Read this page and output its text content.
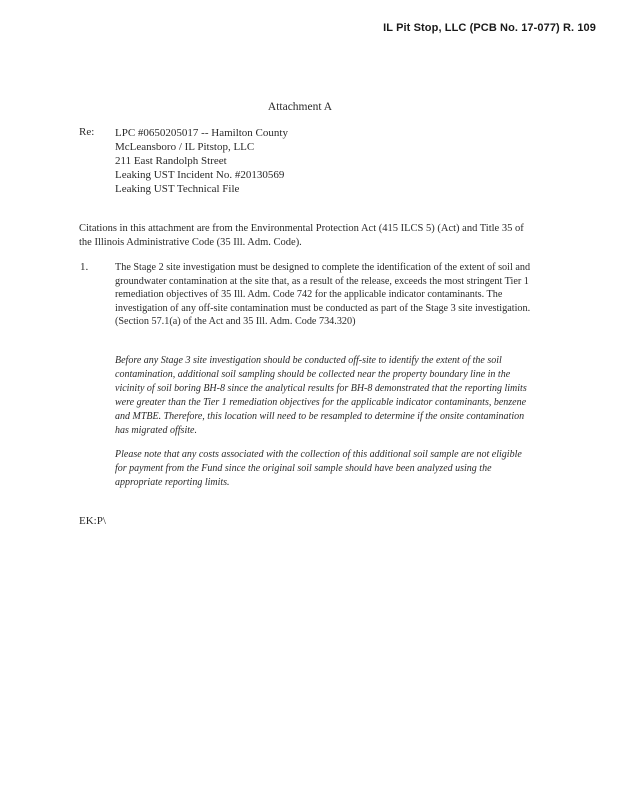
IL Pit Stop, LLC (PCB No. 17-077) R. 109
Attachment A
Re: LPC #0650205017 -- Hamilton County
McLeansboro / IL Pitstop, LLC
211 East Randolph Street
Leaking UST Incident No. #20130569
Leaking UST Technical File
Citations in this attachment are from the Environmental Protection Act (415 ILCS 5) (Act) and Title 35 of the Illinois Administrative Code (35 Ill. Adm. Code).
1.	The Stage 2 site investigation must be designed to complete the identification of the extent of soil and groundwater contamination at the site that, as a result of the release, exceeds the most stringent Tier 1 remediation objectives of 35 Ill. Adm. Code 742 for the applicable indicator contaminants. The investigation of any off-site contamination must be conducted as part of the Stage 3 site investigation. (Section 57.1(a) of the Act and 35 Ill. Adm. Code 734.320)
Before any Stage 3 site investigation should be conducted off-site to identify the extent of the soil contamination, additional soil sampling should be collected near the property boundary line in the vicinity of soil boring BH-8 since the analytical results for BH-8 demonstrated that the reporting limits were greater than the Tier 1 remediation objectives for the applicable indicator contaminants, benzene and MTBE. Therefore, this location will need to be resampled to determine if the onsite contamination has migrated offsite.
Please note that any costs associated with the collection of this additional soil sample are not eligible for payment from the Fund since the original soil sample should have been analyzed using the appropriate reporting limits.
EK:P\
